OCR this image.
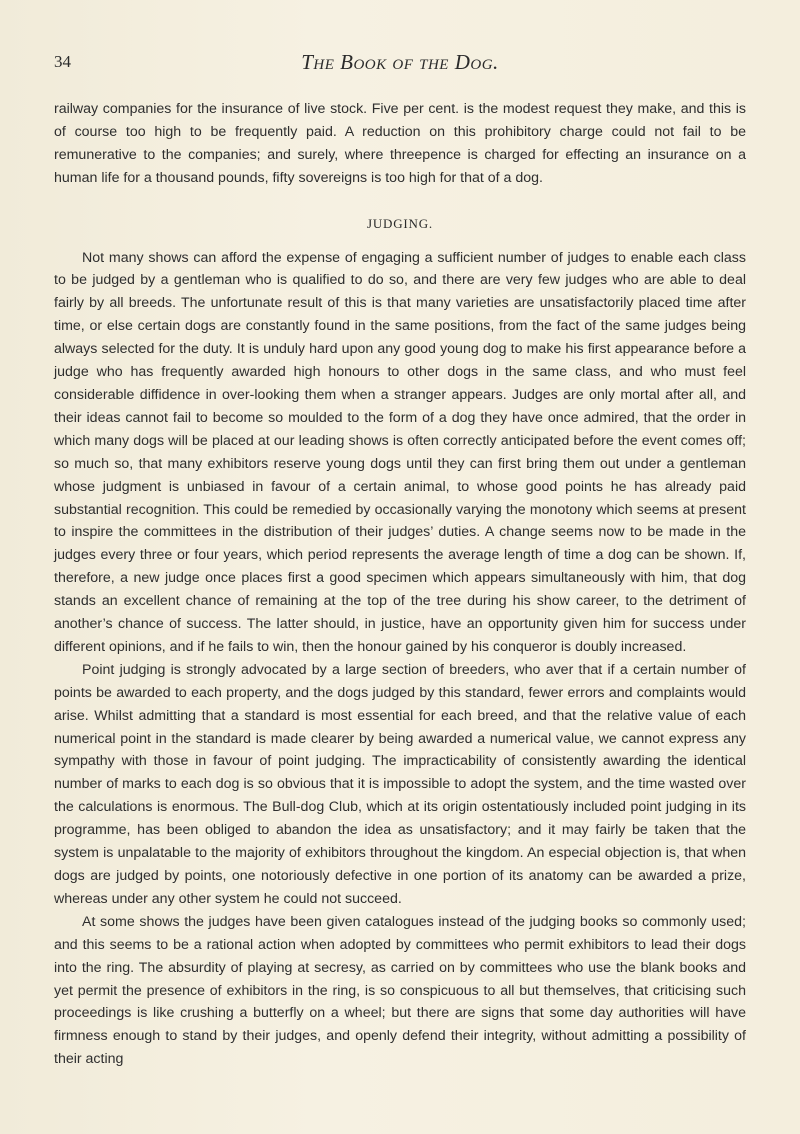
34	The Book of the Dog.

railway companies for the insurance of live stock. Five per cent. is the modest request they make, and this is of course too high to be frequently paid. A reduction on this prohibitory charge could not fail to be remunerative to the companies; and surely, where threepence is charged for effecting an insurance on a human life for a thousand pounds, fifty sovereigns is too high for that of a dog.

JUDGING.

Not many shows can afford the expense of engaging a sufficient number of judges to enable each class to be judged by a gentleman who is qualified to do so, and there are very few judges who are able to deal fairly by all breeds. The unfortunate result of this is that many varieties are unsatisfactorily placed time after time, or else certain dogs are constantly found in the same positions, from the fact of the same judges being always selected for the duty. It is unduly hard upon any good young dog to make his first appearance before a judge who has frequently awarded high honours to other dogs in the same class, and who must feel considerable diffidence in over-looking them when a stranger appears. Judges are only mortal after all, and their ideas cannot fail to become so moulded to the form of a dog they have once admired, that the order in which many dogs will be placed at our leading shows is often correctly anticipated before the event comes off; so much so, that many exhibitors reserve young dogs until they can first bring them out under a gentleman whose judgment is unbiased in favour of a certain animal, to whose good points he has already paid substantial recognition. This could be remedied by occasionally varying the monotony which seems at present to inspire the committees in the distribution of their judges’ duties. A change seems now to be made in the judges every three or four years, which period represents the average length of time a dog can be shown. If, therefore, a new judge once places first a good specimen which appears simultaneously with him, that dog stands an excellent chance of remaining at the top of the tree during his show career, to the detriment of another’s chance of success. The latter should, in justice, have an opportunity given him for success under different opinions, and if he fails to win, then the honour gained by his conqueror is doubly increased.

Point judging is strongly advocated by a large section of breeders, who aver that if a certain number of points be awarded to each property, and the dogs judged by this standard, fewer errors and complaints would arise. Whilst admitting that a standard is most essential for each breed, and that the relative value of each numerical point in the standard is made clearer by being awarded a numerical value, we cannot express any sympathy with those in favour of point judging. The impracticability of consistently awarding the identical number of marks to each dog is so obvious that it is impossible to adopt the system, and the time wasted over the calculations is enormous. The Bull-dog Club, which at its origin ostentatiously included point judging in its programme, has been obliged to abandon the idea as unsatisfactory; and it may fairly be taken that the system is unpalatable to the majority of exhibitors throughout the kingdom. An especial objection is, that when dogs are judged by points, one notoriously defective in one portion of its anatomy can be awarded a prize, whereas under any other system he could not succeed.

At some shows the judges have been given catalogues instead of the judging books so commonly used; and this seems to be a rational action when adopted by committees who permit exhibitors to lead their dogs into the ring. The absurdity of playing at secresy, as carried on by committees who use the blank books and yet permit the presence of exhibitors in the ring, is so conspicuous to all but themselves, that criticising such proceedings is like crushing a butterfly on a wheel; but there are signs that some day authorities will have firmness enough to stand by their judges, and openly defend their integrity, without admitting a possibility of their acting
